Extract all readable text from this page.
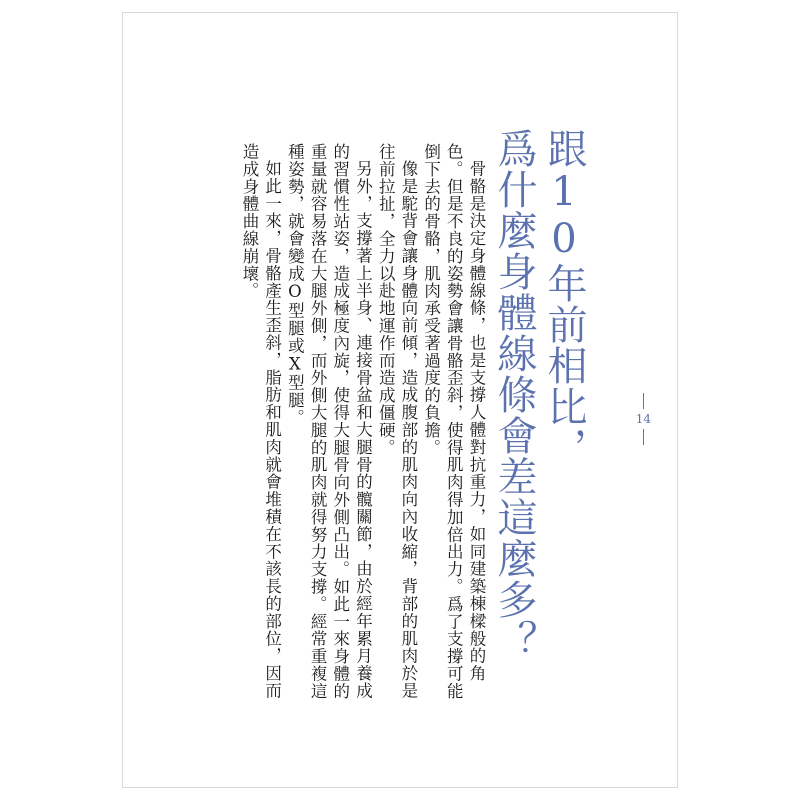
跟10年前相比，
爲什麼身體線條會差這麼多？

骨骼是決定身體線條，也是支撐人體對抗重力，如同建築棟樑般的角色。但是不良的姿勢會讓骨骼歪斜，使得肌肉得加倍出力。爲了支撐可能倒下去的骨骼，肌肉承受著過度的負擔。

像是駝背會讓身體向前傾，造成腹部的肌肉向內收縮，背部的肌肉於是往前拉扯，全力以赴地運作而造成僵硬。

另外，支撐著上半身、連接骨盆和大腿骨的髖關節，由於經年累月養成的習慣性站姿，造成極度內旋，使得大腿骨向外側凸出。如此一來身體的重量就容易落在大腿外側，而外側大腿的肌肉就得努力支撐。經常重複這種姿勢，就會變成O型腿或X型腿。

如此一來，骨骼產生歪斜，脂肪和肌肉就會堆積在不該長的部位，因而造成身體曲線崩壞。

14
